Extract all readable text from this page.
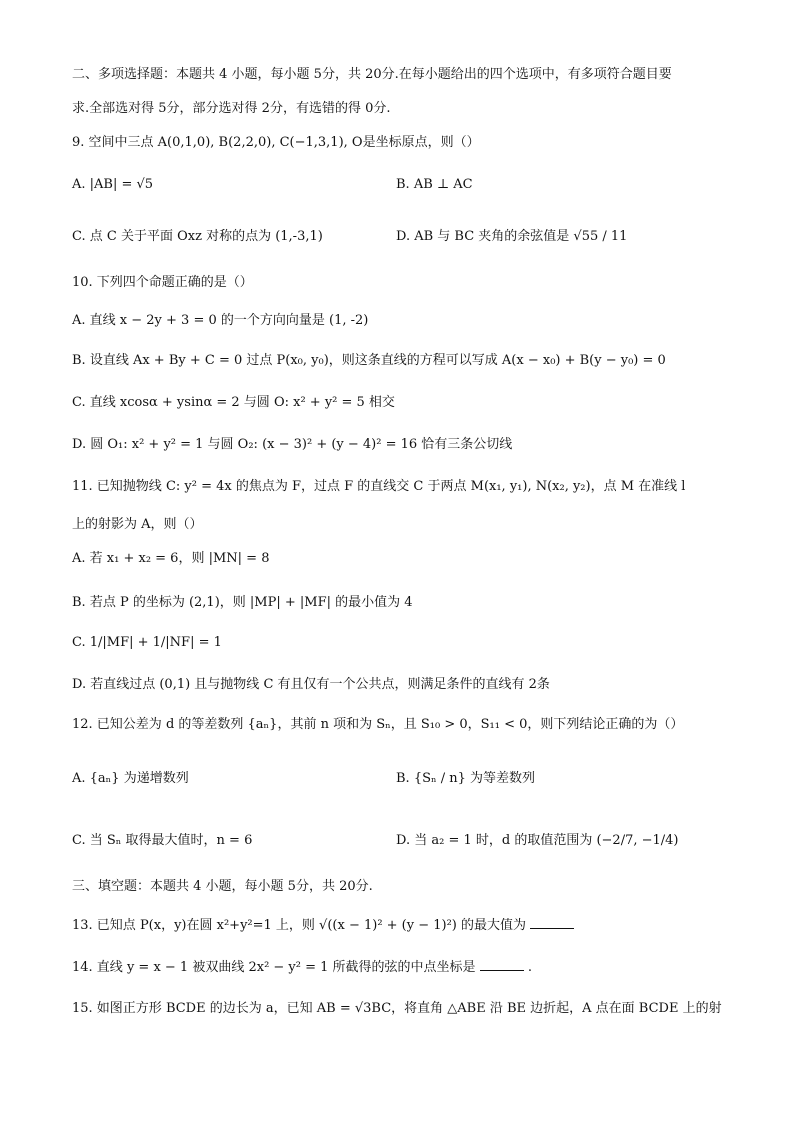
二、多项选择题：本题共 4 小题，每小题 5分，共 20分.在每小题给出的四个选项中，有多项符合题目要
求.全部选对得 5分，部分选对得 2分，有选错的得 0分.
9. 空间中三点 A(0,1,0), B(2,2,0), C(−1,3,1), O是坐标原点，则（）
A. |AB| = √5	B. AB ⊥ AC
C. 点 C 关于平面 Oxz 对称的点为 (1,-3,1)	D. AB 与 BC 夹角的余弦值是 √55 / 11
10. 下列四个命题正确的是（）
A. 直线 x − 2y + 3 = 0 的一个方向向量是 (1, -2)
B. 设直线 Ax + By + C = 0 过点 P(x₀, y₀)，则这条直线的方程可以写成 A(x − x₀) + B(y − y₀) = 0
C. 直线 xcosα + ysinα = 2 与圆 O: x² + y² = 5 相交
D. 圆 O₁: x² + y² = 1 与圆 O₂: (x − 3)² + (y − 4)² = 16 恰有三条公切线
11. 已知抛物线 C: y² = 4x 的焦点为 F，过点 F 的直线交 C 于两点 M(x₁, y₁), N(x₂, y₂)，点 M 在准线 l
上的射影为 A，则（）
A. 若 x₁ + x₂ = 6，则 |MN| = 8
B. 若点 P 的坐标为 (2,1)，则 |MP| + |MF| 的最小值为 4
C. 1/|MF| + 1/|NF| = 1
D. 若直线过点 (0,1) 且与抛物线 C 有且仅有一个公共点，则满足条件的直线有 2条
12. 已知公差为 d 的等差数列 {aₙ}，其前 n 项和为 Sₙ，且 S₁₀ > 0，S₁₁ < 0，则下列结论正确的为（）
A. {aₙ} 为递增数列	B. {Sₙ / n} 为等差数列
C. 当 Sₙ 取得最大值时，n = 6	D. 当 a₂ = 1 时，d 的取值范围为 (−2/7, −1/4)
三、填空题：本题共 4 小题，每小题 5分，共 20分.
13. 已知点 P(x，y)在圆 x²+y²=1 上，则 √((x − 1)² + (y − 1)²) 的最大值为
14. 直线 y = x − 1 被双曲线 2x² − y² = 1 所截得的弦的中点坐标是	.
15. 如图正方形 BCDE 的边长为 a，已知 AB = √3BC，将直角 △ABE 沿 BE 边折起，A 点在面 BCDE 上的射
